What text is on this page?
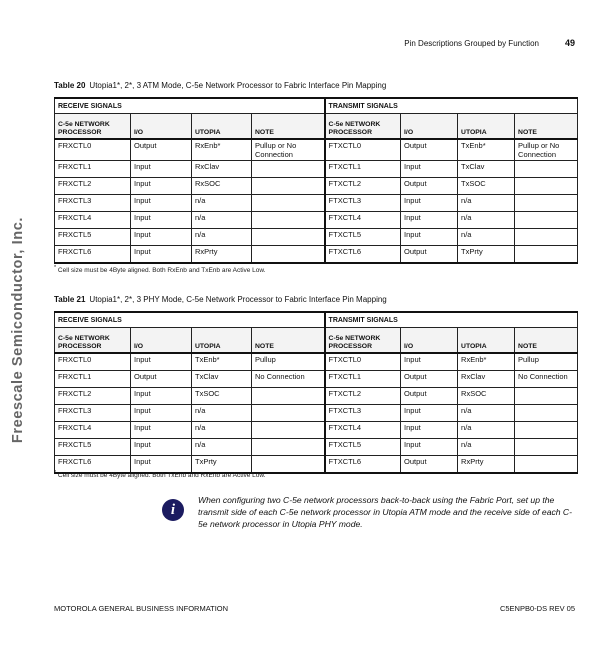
Freescale Semiconductor, Inc.
Pin Descriptions Grouped by Function	49
Table 20 Utopia1*, 2*, 3 ATM Mode, C-5e Network Processor to Fabric Interface Pin Mapping
RECEIVE SIGNALS				TRANSMIT SIGNALS			
C-5e NETWORK PROCESSOR	I/O	UTOPIA	NOTE	C-5e NETWORK PROCESSOR	I/O	UTOPIA	NOTE
FRXCTL0	Output	RxEnb*	Pullup or No Connection	FTXCTL0	Output	TxEnb*	Pullup or No Connection
FRXCTL1	Input	RxClav		FTXCTL1	Input	TxClav	
FRXCTL2	Input	RxSOC		FTXCTL2	Output	TxSOC	
FRXCTL3	Input	n/a		FTXCTL3	Input	n/a	
FRXCTL4	Input	n/a		FTXCTL4	Input	n/a	
FRXCTL5	Input	n/a		FTXCTL5	Input	n/a	
FRXCTL6	Input	RxPrty		FTXCTL6	Output	TxPrty	
* Cell size must be 4Byte aligned. Both RxEnb and TxEnb are Active Low.
Table 21 Utopia1*, 2*, 3 PHY Mode, C-5e Network Processor to Fabric Interface Pin Mapping
RECEIVE SIGNALS				TRANSMIT SIGNALS			
C-5e NETWORK PROCESSOR	I/O	UTOPIA	NOTE	C-5e NETWORK PROCESSOR	I/O	UTOPIA	NOTE
FRXCTL0	Input	TxEnb*	Pullup	FTXCTL0	Input	RxEnb*	Pullup
FRXCTL1	Output	TxClav	No Connection	FTXCTL1	Output	RxClav	No Connection
FRXCTL2	Input	TxSOC		FTXCTL2	Output	RxSOC	
FRXCTL3	Input	n/a		FTXCTL3	Input	n/a	
FRXCTL4	Input	n/a		FTXCTL4	Input	n/a	
FRXCTL5	Input	n/a		FTXCTL5	Input	n/a	
FRXCTL6	Input	TxPrty		FTXCTL6	Output	RxPrty	
* Cell size must be 4Byte aligned. Both TxEnb and RxEnb are Active Low.
i
When configuring two C-5e network processors back-to-back using the Fabric Port, set up the transmit side of each C-5e network processor in Utopia ATM mode and the receive side of each C-5e network processor in Utopia PHY mode.
MOTOROLA GENERAL BUSINESS INFORMATION	C5ENPB0-DS REV 05
